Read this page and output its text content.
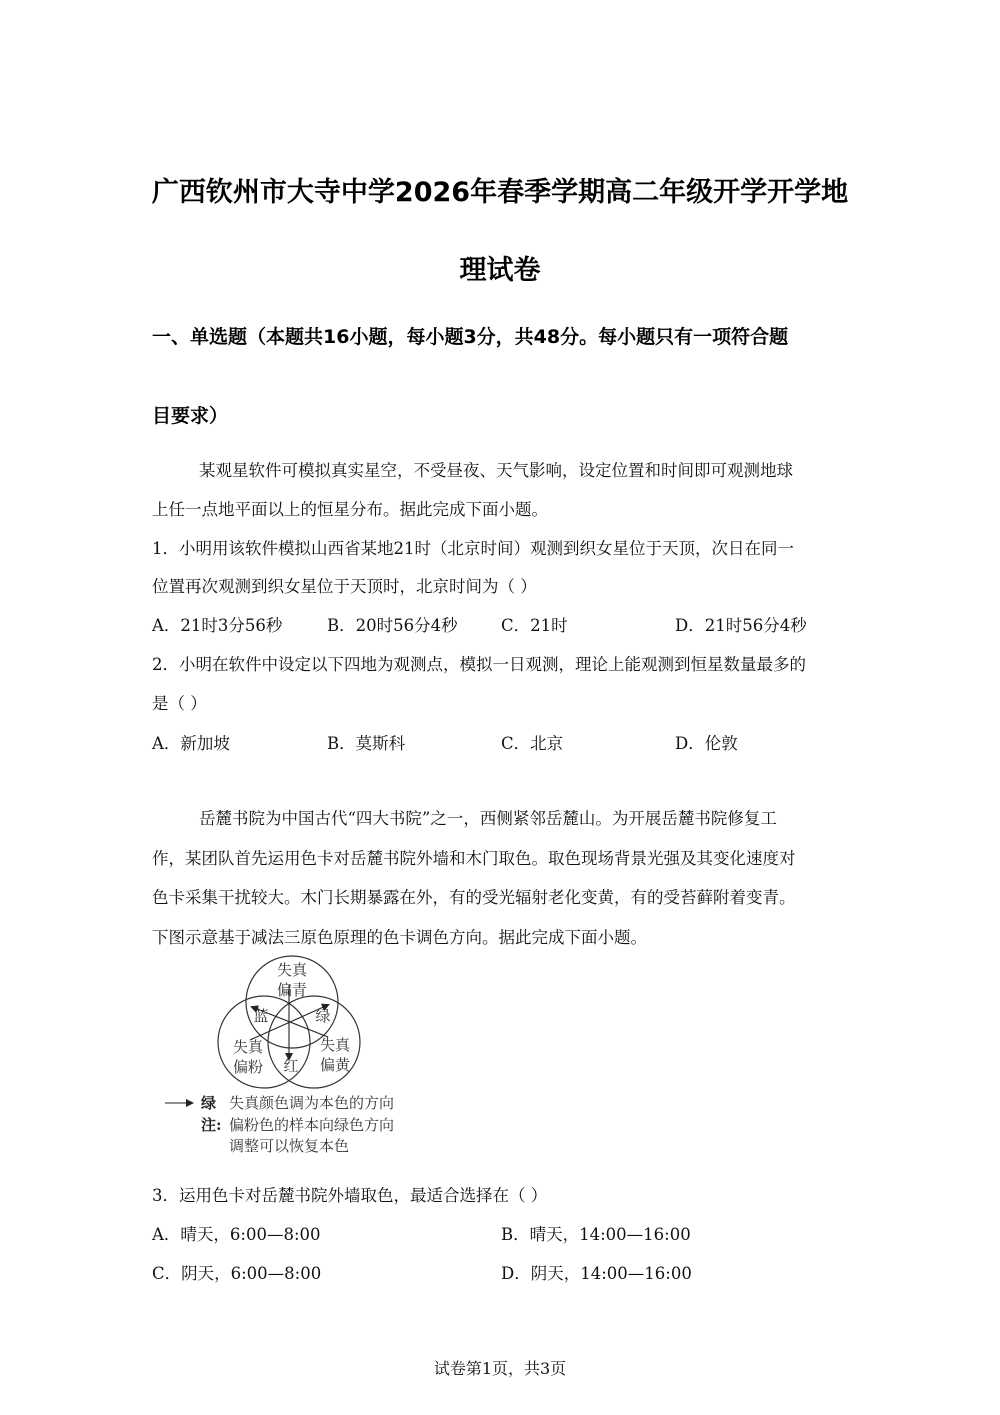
广西钦州市大寺中学2026年春季学期高二年级开学开学地
理试卷
一、单选题（本题共16小题，每小题3分，共48分。每小题只有一项符合题
目要求）
某观星软件可模拟真实星空，不受昼夜、天气影响，设定位置和时间即可观测地球
上任一点地平面以上的恒星分布。据此完成下面小题。
1．小明用该软件模拟山西省某地21时（北京时间）观测到织女星位于天顶，次日在同一
位置再次观测到织女星位于天顶时，北京时间为（ ）
A．21时3分56秒	B．20时56分4秒	C．21时	D．21时56分4秒
2．小明在软件中设定以下四地为观测点，模拟一日观测，理论上能观测到恒星数量最多的
是（ ）
A．新加坡	B．莫斯科	C．北京	D．伦敦
岳麓书院为中国古代“四大书院”之一，西侧紧邻岳麓山。为开展岳麓书院修复工
作，某团队首先运用色卡对岳麓书院外墙和木门取色。取色现场背景光强及其变化速度对
色卡采集干扰较大。木门长期暴露在外，有的受光辐射老化变黄，有的受苔藓附着变青。
下图示意基于减法三原色原理的色卡调色方向。据此完成下面小题。
失真
偏青
失真
偏粉
失真
偏黄
蓝	绿
红
绿 失真颜色调为本色的方向
注: 偏粉色的样本向绿色方向
调整可以恢复本色
3．运用色卡对岳麓书院外墙取色，最适合选择在（ ）
A．晴天，6:00—8:00	B．晴天，14:00—16:00
C．阴天，6:00—8:00	D．阴天，14:00—16:00
试卷第1页，共3页
